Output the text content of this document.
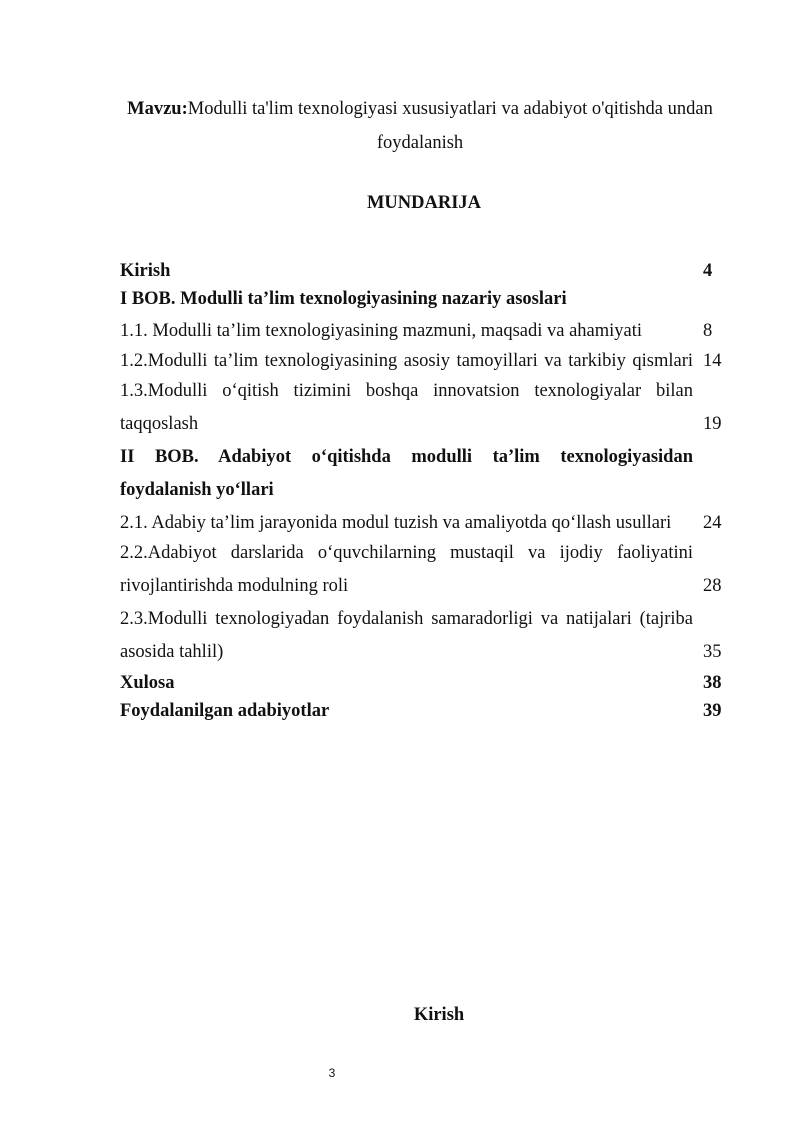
Mavzu:Modulli ta'lim texnologiyasi xususiyatlari va adabiyot o'qitishda undan foydalanish
MUNDARIJA
Kirish	4
I BOB. Modulli ta’lim texnologiyasining nazariy asoslari
1.1. Modulli ta’lim texnologiyasining mazmuni, maqsadi va ahamiyati	8
1.2.Modulli ta’lim texnologiyasining asosiy tamoyillari va tarkibiy qismlari 14
1.3.Modulli o‘qitish tizimini boshqa innovatsion texnologiyalar bilan taqqoslash	19
II BOB. Adabiyot o‘qitishda modulli ta’lim texnologiyasidan foydalanish yo‘llari
2.1. Adabiy ta’lim jarayonida modul tuzish va amaliyotda qo‘llash usullari	24
2.2.Adabiyot darslarida o‘quvchilarning mustaqil va ijodiy faoliyatini rivojlantirishda modulning roli	28
2.3.Modulli texnologiyadan foydalanish samaradorligi va natijalari (tajriba asosida tahlil)	35
Xulosa	38
Foydalanilgan adabiyotlar	39
Kirish
3
